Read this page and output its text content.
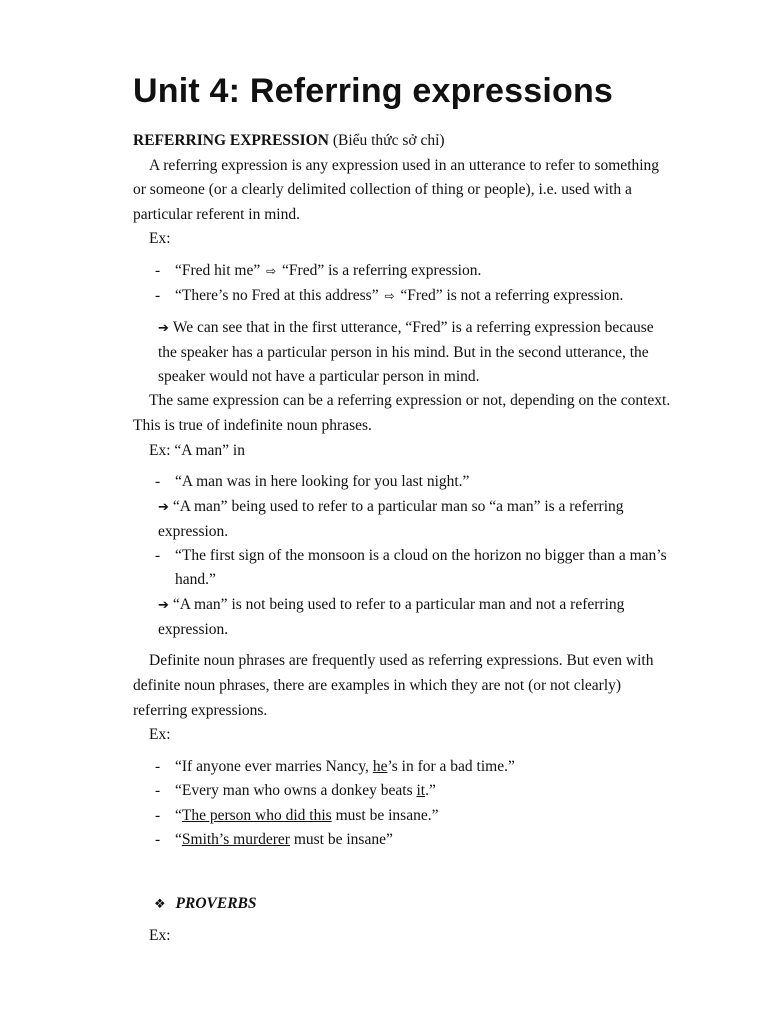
Unit 4: Referring expressions
REFERRING EXPRESSION (Biểu thức sở chỉ)
A referring expression is any expression used in an utterance to refer to something
or someone (or a clearly delimited collection of thing or people), i.e. used with a
particular referent in mind.
Ex:
- “Fred hit me” ⇨ “Fred” is a referring expression.
- “There’s no Fred at this address” ⇨ “Fred” is not a referring expression.
➔ We can see that in the first utterance, “Fred” is a referring expression because
the speaker has a particular person in his mind. But in the second utterance, the
speaker would not have a particular person in mind.
The same expression can be a referring expression or not, depending on the context.
This is true of indefinite noun phrases.
Ex: “A man” in
- “A man was in here looking for you last night.”
➔ “A man” being used to refer to a particular man so “a man” is a referring
expression.
- “The first sign of the monsoon is a cloud on the horizon no bigger than a man’s
hand.”
➔ “A man” is not being used to refer to a particular man and not a referring
expression.
Definite noun phrases are frequently used as referring expressions. But even with
definite noun phrases, there are examples in which they are not (or not clearly)
referring expressions.
Ex:
- “If anyone ever marries Nancy, he’s in for a bad time.”
- “Every man who owns a donkey beats it.”
- “The person who did this must be insane.”
- “Smith’s murderer must be insane”
❖ PROVERBS
Ex:
